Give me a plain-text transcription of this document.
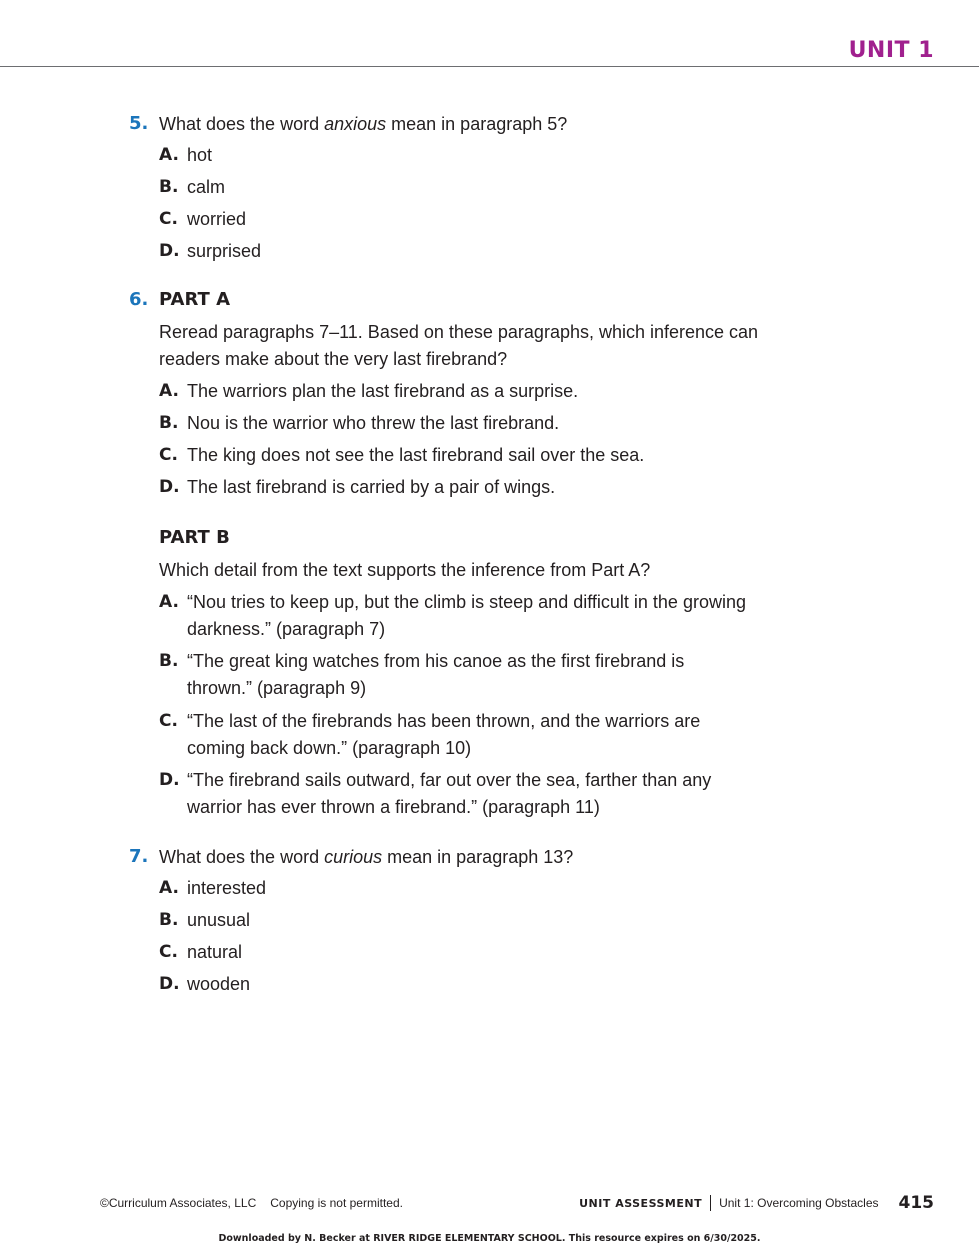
UNIT 1
5. What does the word anxious mean in paragraph 5?
A. hot
B. calm
C. worried
D. surprised
6. PART A
Reread paragraphs 7–11. Based on these paragraphs, which inference can readers make about the very last firebrand?
A. The warriors plan the last firebrand as a surprise.
B. Nou is the warrior who threw the last firebrand.
C. The king does not see the last firebrand sail over the sea.
D. The last firebrand is carried by a pair of wings.
PART B
Which detail from the text supports the inference from Part A?
A. “Nou tries to keep up, but the climb is steep and difficult in the growing darkness.” (paragraph 7)
B. “The great king watches from his canoe as the first firebrand is thrown.” (paragraph 9)
C. “The last of the firebrands has been thrown, and the warriors are coming back down.” (paragraph 10)
D. “The firebrand sails outward, far out over the sea, farther than any warrior has ever thrown a firebrand.” (paragraph 11)
7. What does the word curious mean in paragraph 13?
A. interested
B. unusual
C. natural
D. wooden
©Curriculum Associates, LLC Copying is not permitted.	UNIT ASSESSMENT Unit 1: Overcoming Obstacles 415
Downloaded by N. Becker at RIVER RIDGE ELEMENTARY SCHOOL. This resource expires on 6/30/2025.
